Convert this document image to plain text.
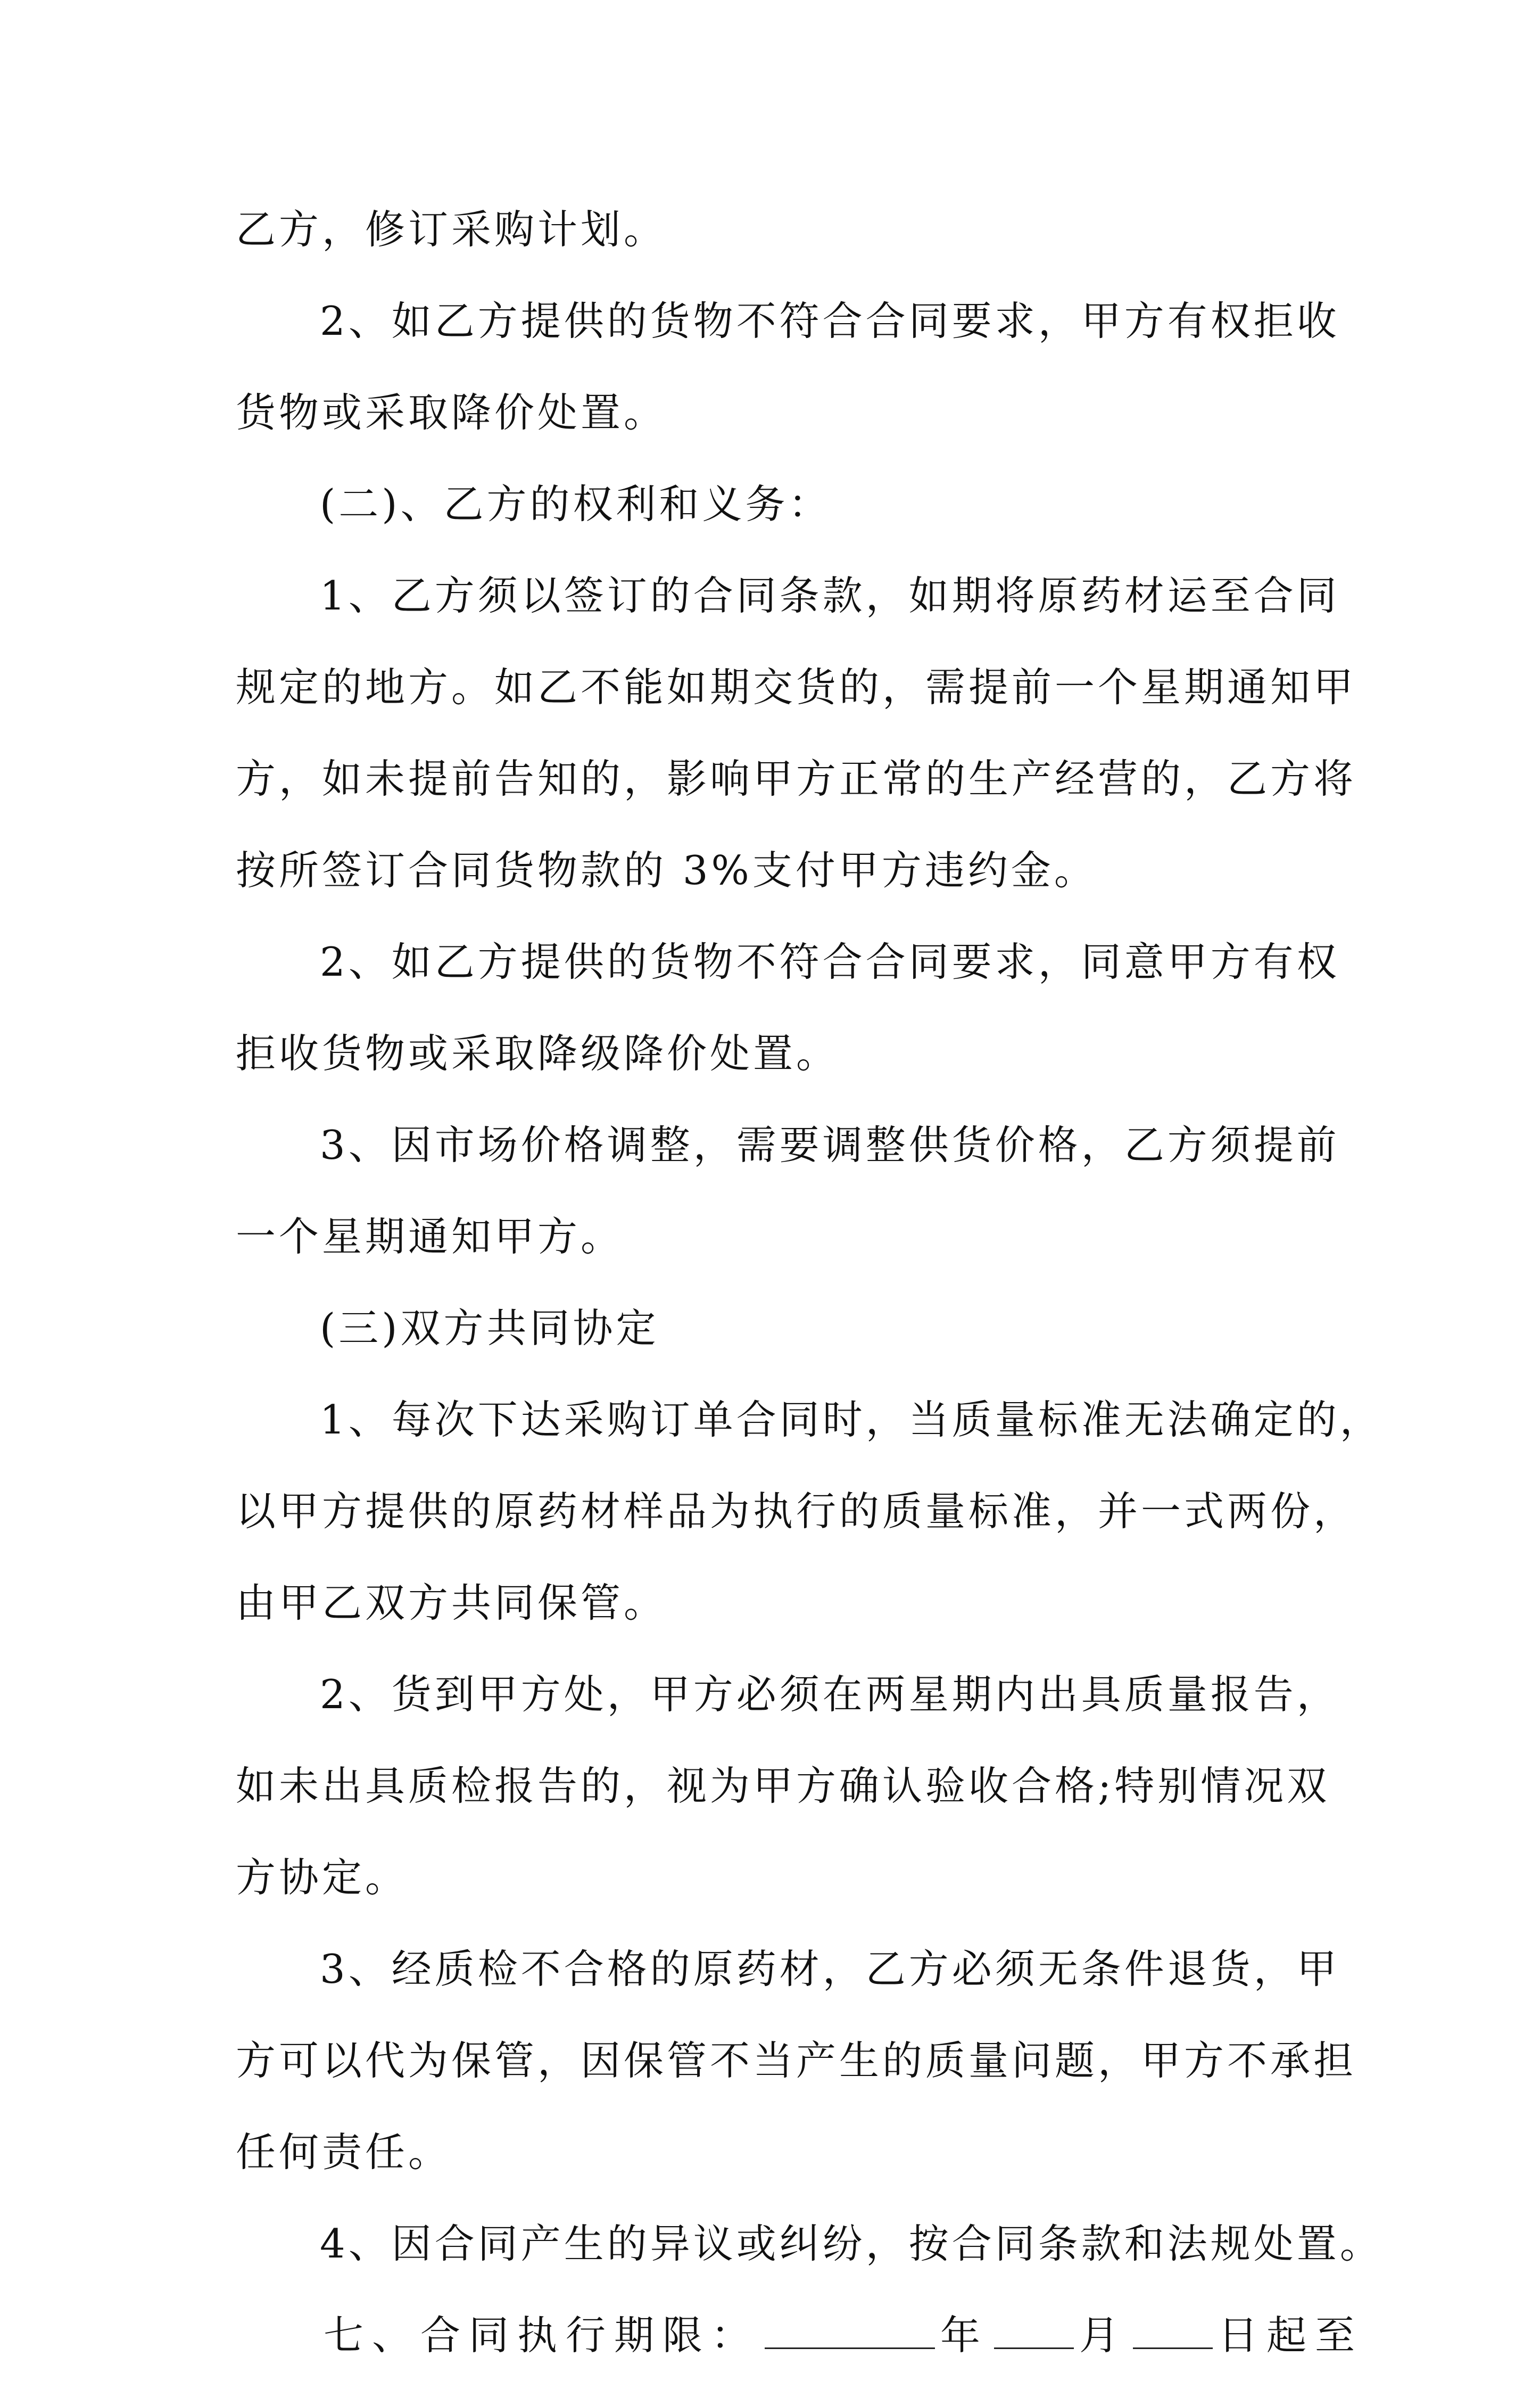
乙方，修订采购计划。
2、如乙方提供的货物不符合合同要求，甲方有权拒收
货物或采取降价处置。
(二)、乙方的权利和义务：
1、乙方须以签订的合同条款，如期将原药材运至合同
规定的地方。如乙不能如期交货的，需提前一个星期通知甲
方，如未提前告知的，影响甲方正常的生产经营的，乙方将
按所签订合同货物款的 3%支付甲方违约金。
2、如乙方提供的货物不符合合同要求，同意甲方有权
拒收货物或采取降级降价处置。
3、因市场价格调整，需要调整供货价格，乙方须提前
一个星期通知甲方。
(三)双方共同协定
1、每次下达采购订单合同时，当质量标准无法确定的，
以甲方提供的原药材样品为执行的质量标准，并一式两份，
由甲乙双方共同保管。
2、货到甲方处，甲方必须在两星期内出具质量报告，
如未出具质检报告的，视为甲方确认验收合格;特别情况双
方协定。
3、经质检不合格的原药材，乙方必须无条件退货，甲
方可以代为保管，因保管不当产生的质量问题，甲方不承担
任何责任。
4、因合同产生的异议或纠纷，按合同条款和法规处置。
七、合同执行期限：	年 月 日起至
